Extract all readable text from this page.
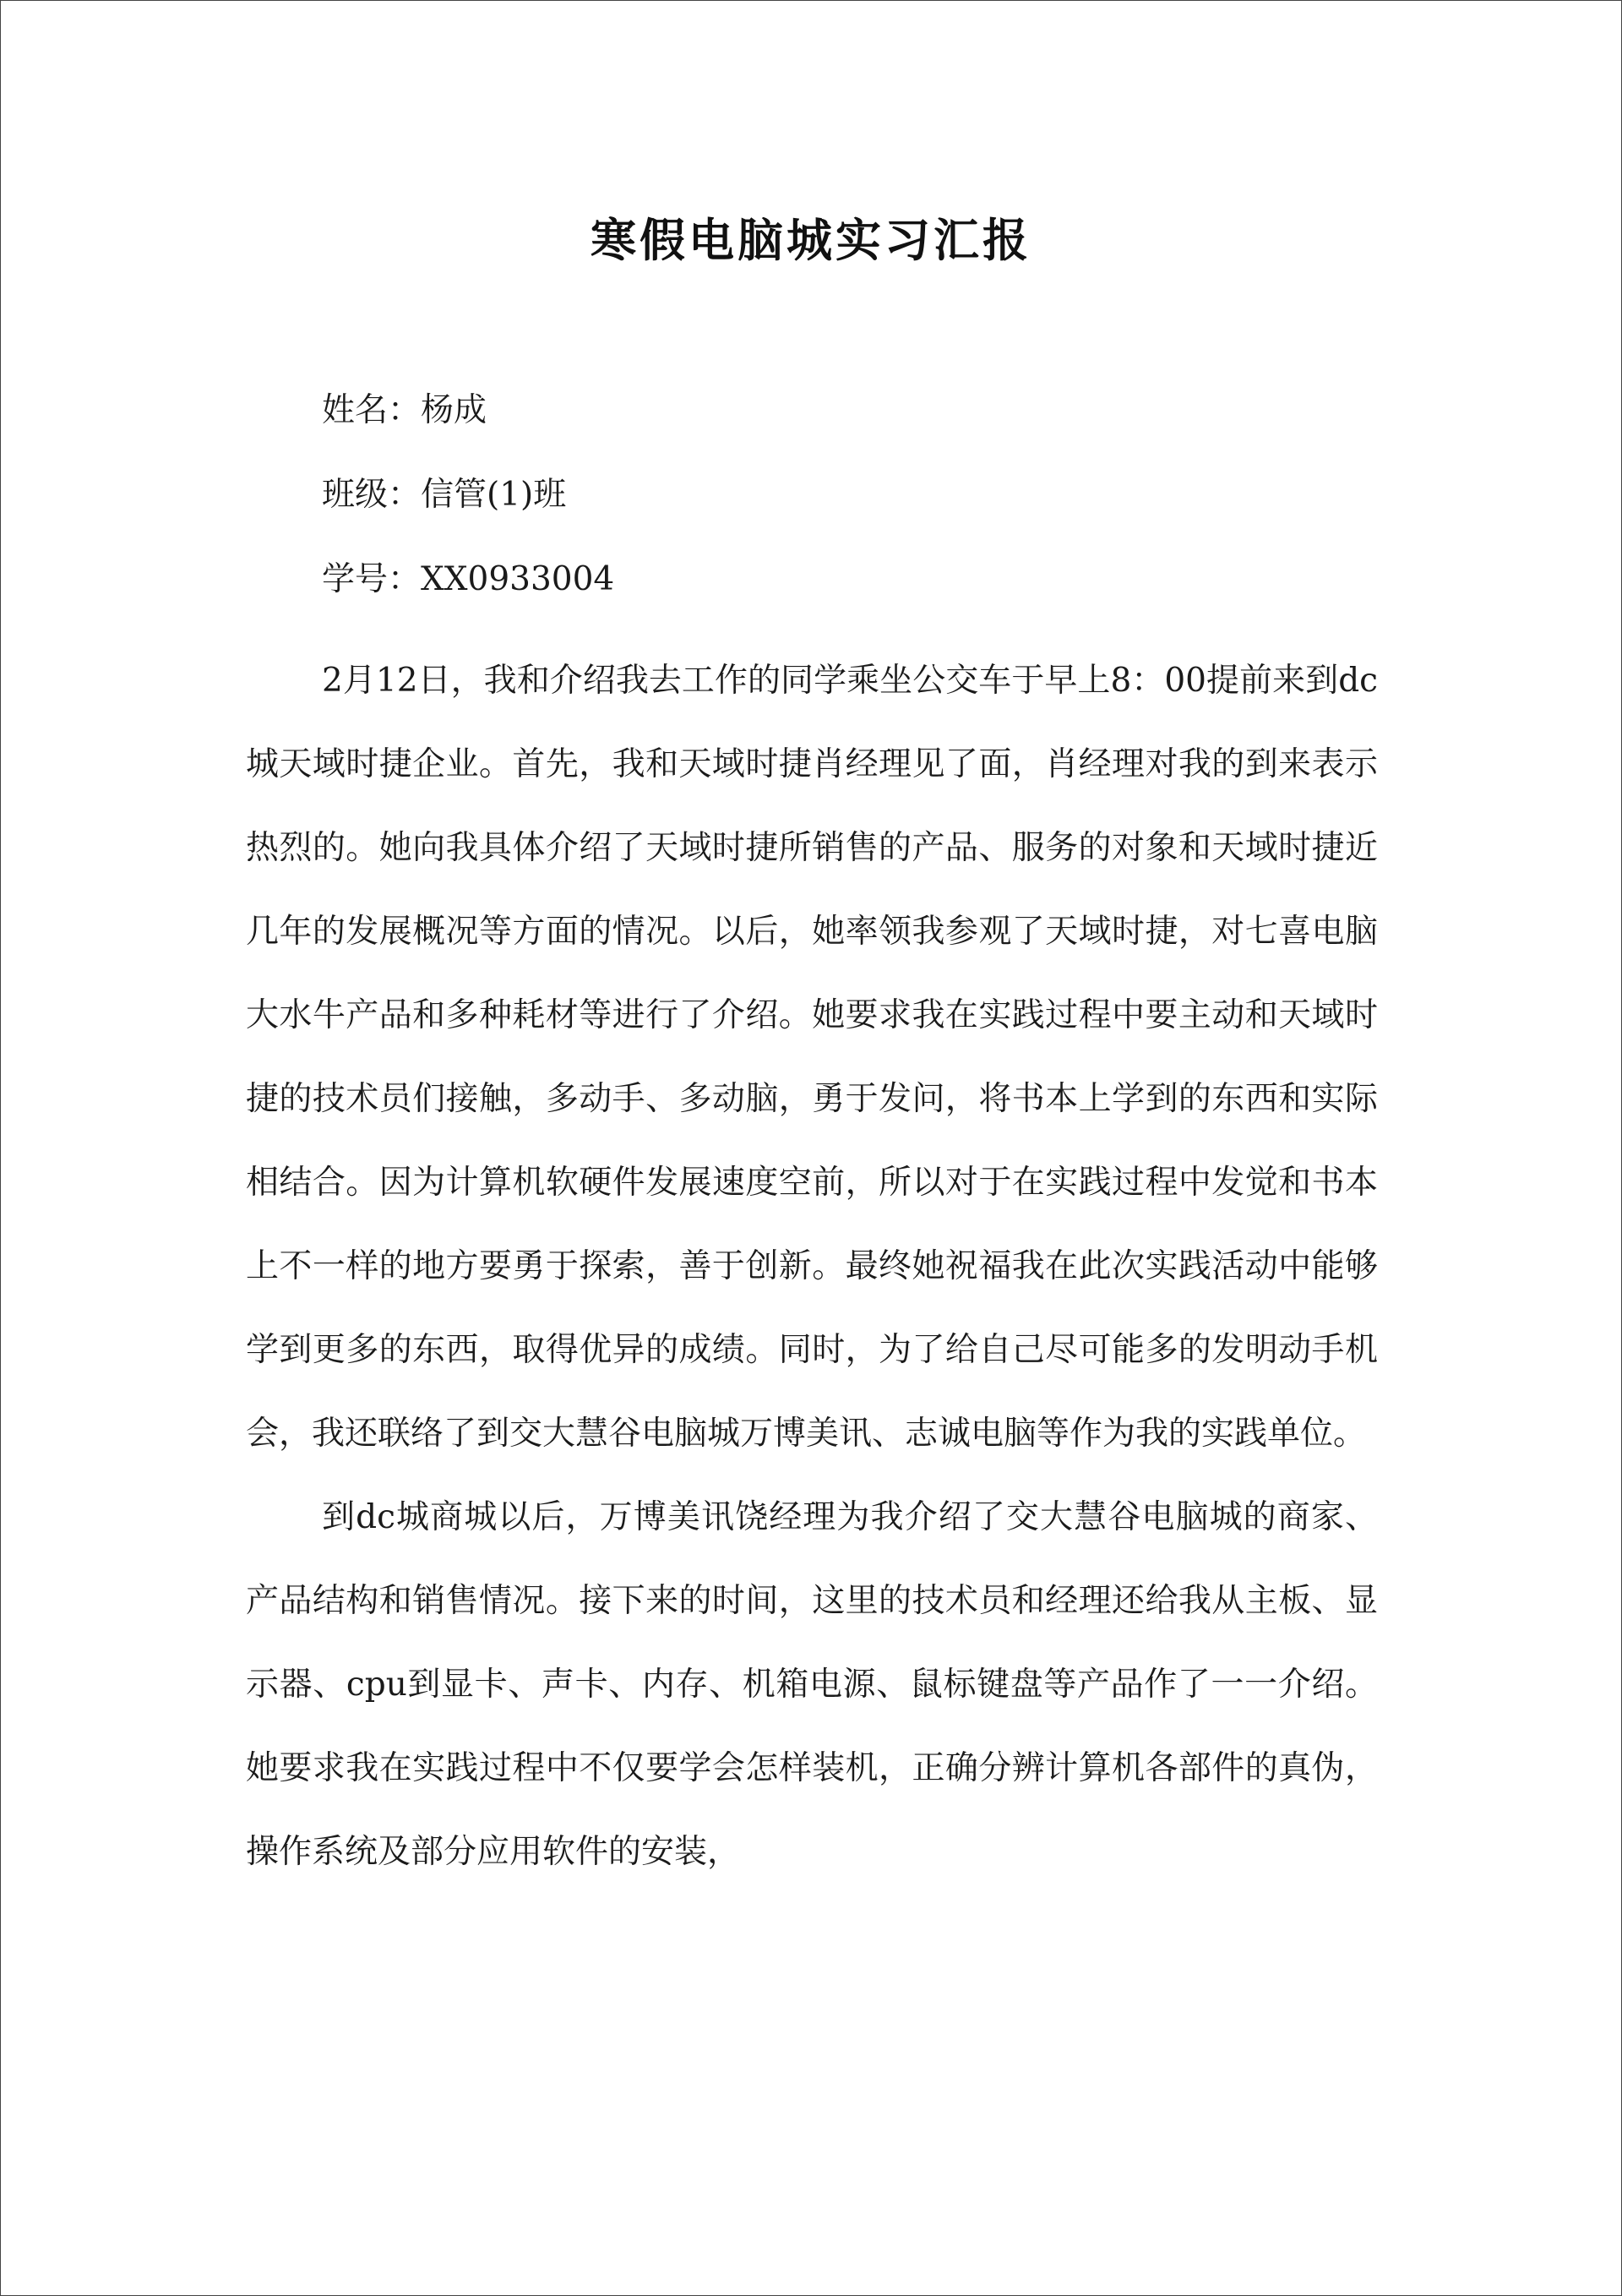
寒假电脑城实习汇报
姓名：杨成
班级：信管(1)班
学号：XX0933004

2月12日，我和介绍我去工作的同学乘坐公交车于早上8：00提前来到dc城天域时捷企业。首先，我和天域时捷肖经理见了面，肖经理对我的到来表示热烈的。她向我具体介绍了天域时捷所销售的产品、服务的对象和天域时捷近几年的发展概况等方面的情况。以后，她率领我参观了天域时捷，对七喜电脑大水牛产品和多种耗材等进行了介绍。她要求我在实践过程中要主动和天域时捷的技术员们接触，多动手、多动脑，勇于发问，将书本上学到的东西和实际相结合。因为计算机软硬件发展速度空前，所以对于在实践过程中发觉和书本上不一样的地方要勇于探索，善于创新。最终她祝福我在此次实践活动中能够学到更多的东西，取得优异的成绩。同时，为了给自己尽可能多的发明动手机会，我还联络了到交大慧谷电脑城万博美讯、志诚电脑等作为我的实践单位。

到dc城商城以后，万博美讯饶经理为我介绍了交大慧谷电脑城的商家、产品结构和销售情况。接下来的时间，这里的技术员和经理还给我从主板、显示器、cpu到显卡、声卡、内存、机箱电源、鼠标键盘等产品作了一一介绍。她要求我在实践过程中不仅要学会怎样装机，正确分辨计算机各部件的真伪，操作系统及部分应用软件的安装，
